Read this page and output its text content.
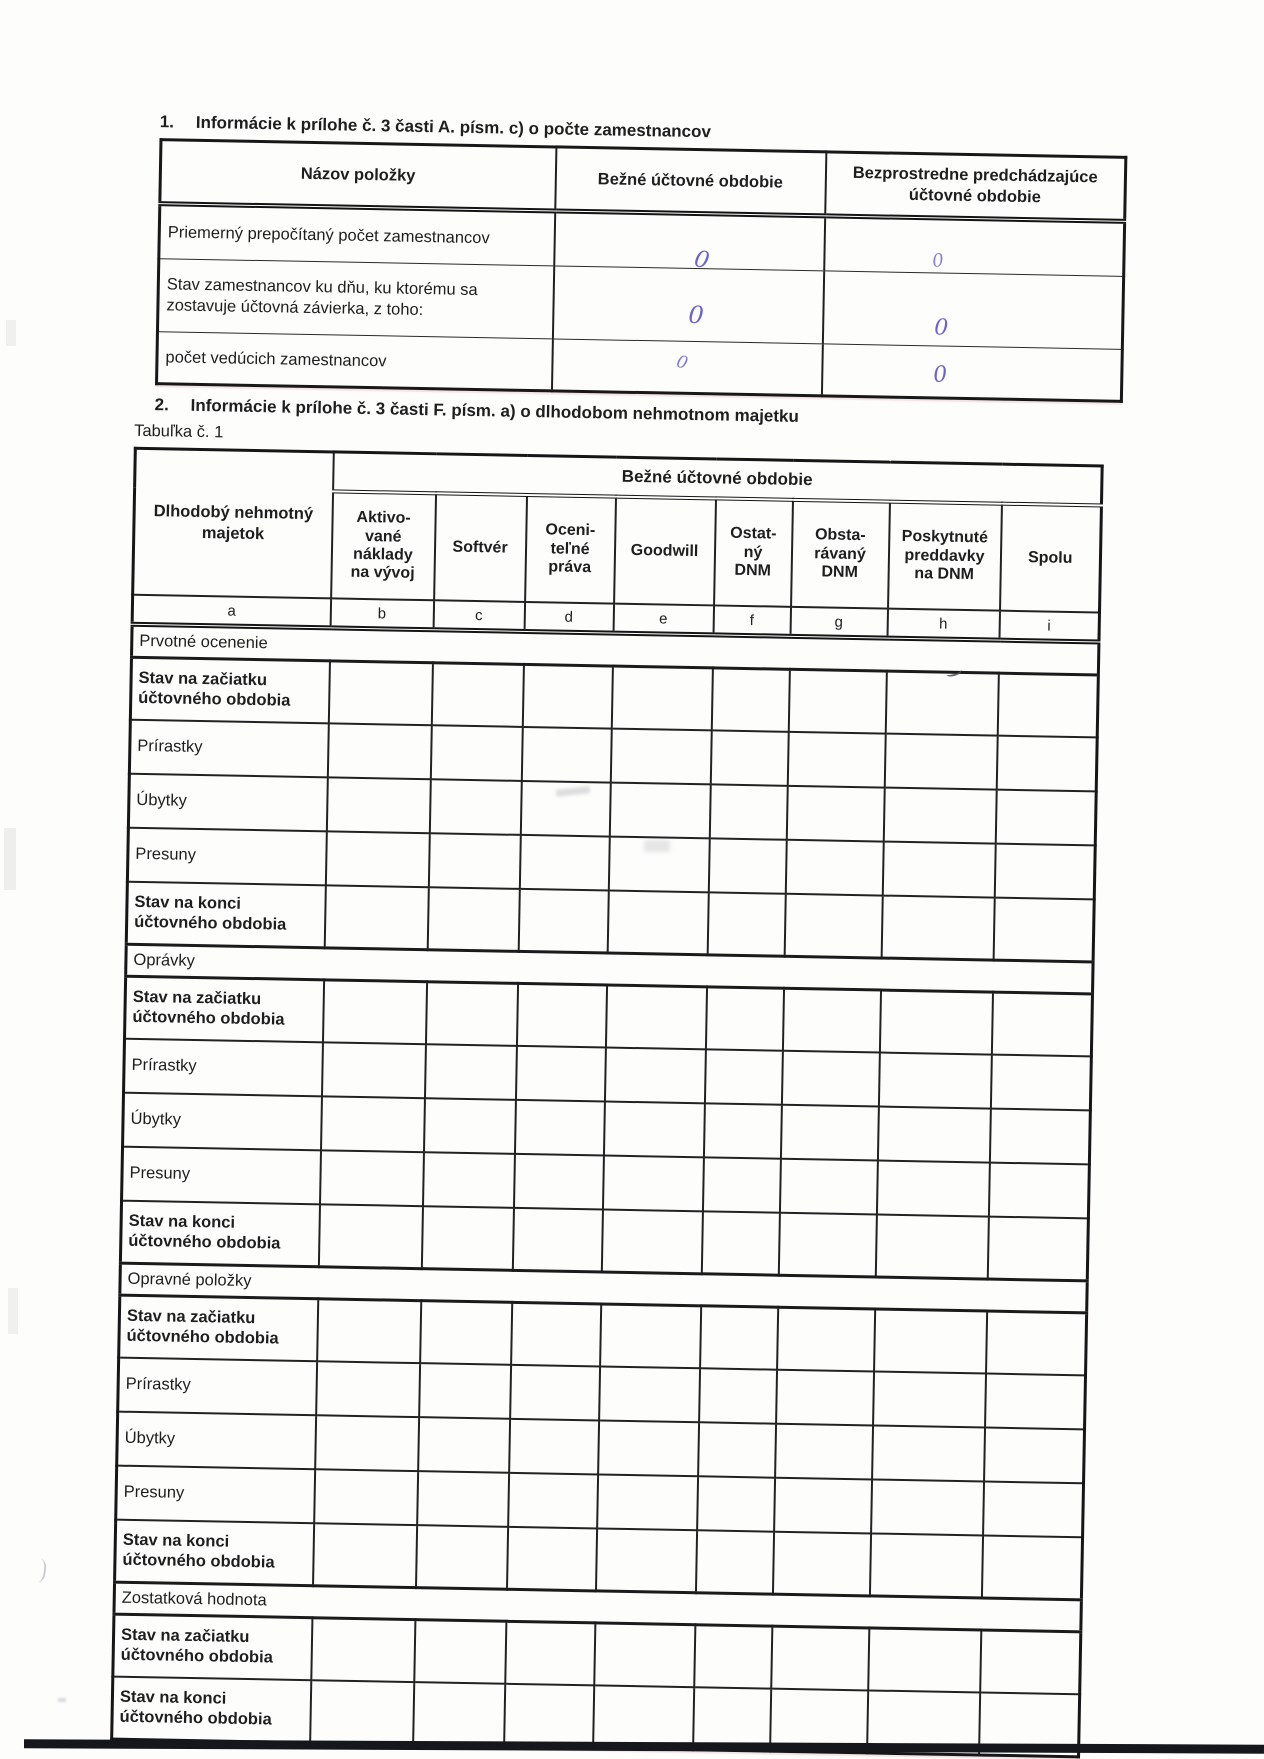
1. Informácie k prílohe č. 3 časti A. písm. c) o počte zamestnancov
Názov položky	Bežné účtovné obdobie	Bezprostredne predchádzajúce účtovné obdobie
Priemerný prepočítaný počet zamestnancov	0	0

Stav zamestnancov ku dňu, ku ktorému sa zostavuje účtovná závierka, z toho:	0	0

počet vedúcich zamestnancov	0	0
2. Informácie k prílohe č. 3 časti F. písm. a) o dlhodobom nehmotnom majetku
Tabuľka č. 1
Dlhodobý nehmotný majetok	Bežné účtovné obdobie							
	Aktivo-
vané
náklady
na vývoj	Softvér	Oceni-
teľné
práva	Goodwill	Ostat-
ný
DNM	Obsta-
rávaný
DNM	Poskytnuté
preddavky
na DNM	Spolu
a	b	c	d	e	f	g	h	i
Prvotné ocenenie								
Stav na začiatku účtovného obdobia								
Prírastky								
Úbytky								
Presuny								
Stav na konci účtovného obdobia								
Oprávky								
Stav na začiatku účtovného obdobia								
Prírastky								
Úbytky								
Presuny								
Stav na konci účtovného obdobia								
Opravné položky								
Stav na začiatku účtovného obdobia								
Prírastky								
Úbytky								
Presuny								
Stav na konci účtovného obdobia								
Zostatková hodnota								
Stav na začiatku účtovného obdobia								
Stav na konci účtovného obdobia								
